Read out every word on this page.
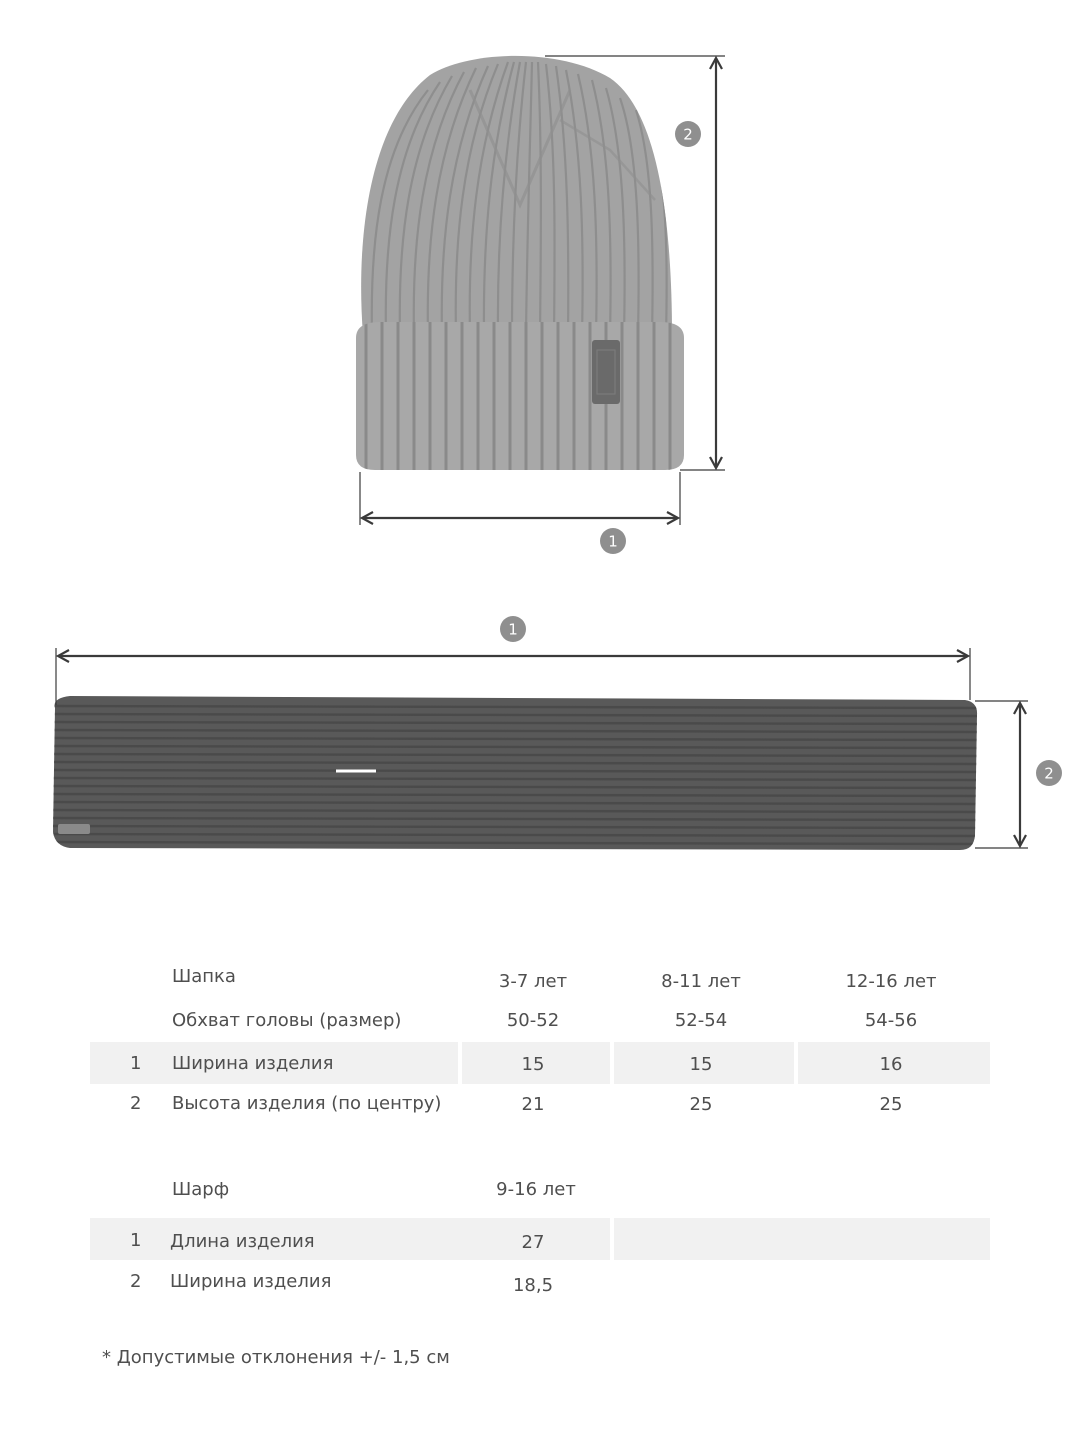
1
2
1
2
Шапка	3-7 лет	8-11 лет	12-16 лет
Обхват головы (размер)	50-52	52-54	54-56
1 Ширина изделия	15	15	16
2 Высота изделия (по центру)	21	25	25
Шарф	9-16 лет
1 Длина изделия	27
2 Ширина изделия	18,5
* Допустимые отклонения +/- 1,5 см
